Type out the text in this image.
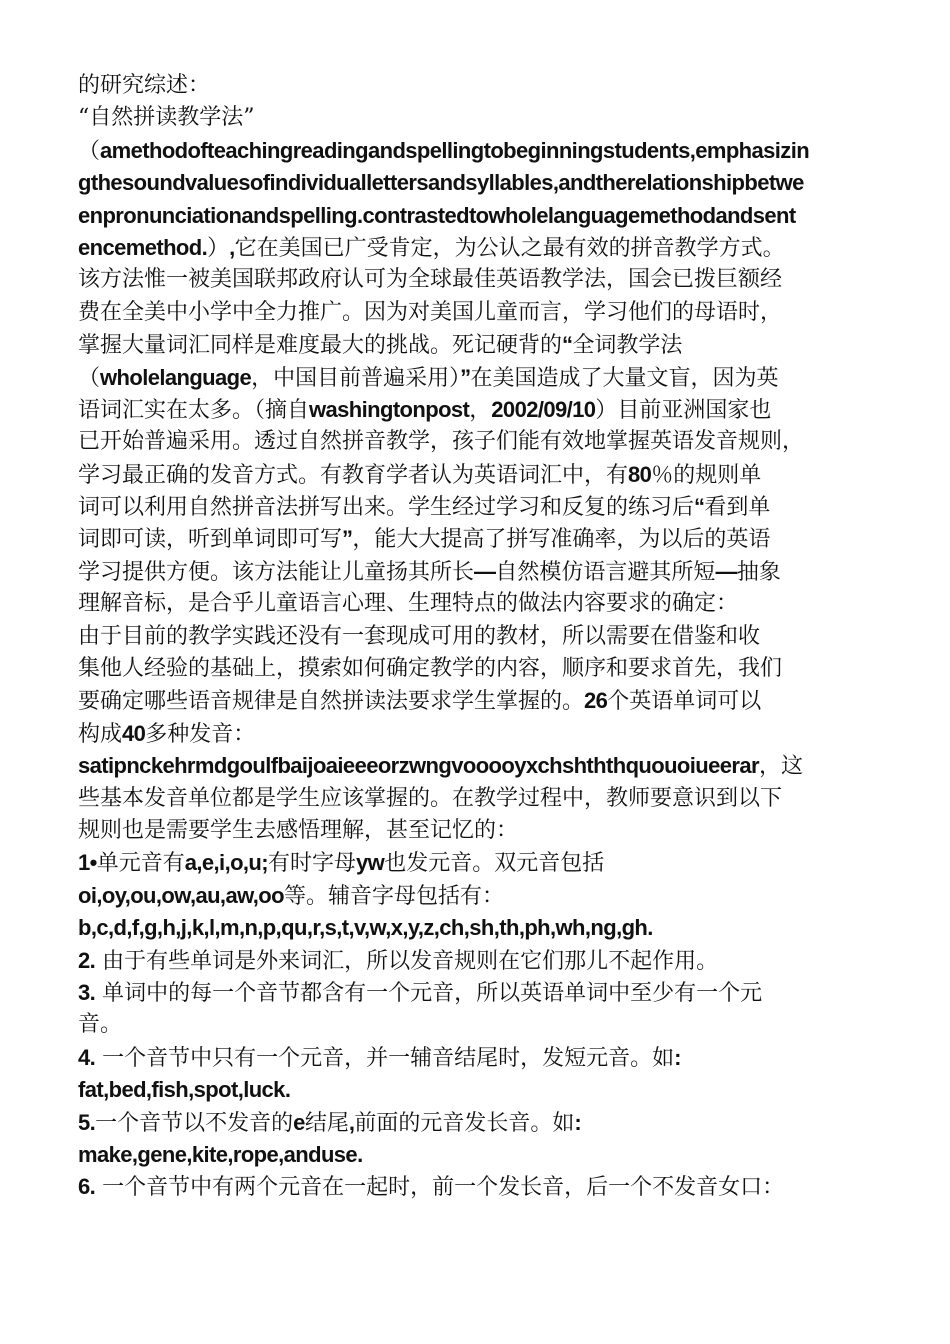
的研究综述：
“自然拼读教学法”
（amethodofteachingreadingandspellingtobeginningstudents,emphasizin
gthesoundvaluesofindividuallettersandsyllables,andtherelationshipbetwe
enpronunciationandspelling.contrastedtowholelanguagemethodandsent
encemethod.）,它在美国已广受肯定，为公认之最有效的拼音教学方式。
该方法惟一被美国联邦政府认可为全球最佳英语教学法，国会已拨巨额经
费在全美中小学中全力推广。因为对美国儿童而言，学习他们的母语时，
掌握大量词汇同样是难度最大的挑战。死记硬背的“全词教学法
（wholelanguage，中国目前普遍采用）”在美国造成了大量文盲，因为英
语词汇实在太多。（摘自washingtonpost，2002/09/10）目前亚洲国家也
已开始普遍采用。透过自然拼音教学，孩子们能有效地掌握英语发音规则，
学习最正确的发音方式。有教育学者认为英语词汇中，有80％的规则单
词可以利用自然拼音法拼写出来。学生经过学习和反复的练习后“看到单
词即可读，听到单词即可写”，能大大提高了拼写准确率，为以后的英语
学习提供方便。该方法能让儿童扬其所长—自然模仿语言避其所短—抽象
理解音标，是合乎儿童语言心理、生理特点的做法内容要求的确定：
由于目前的教学实践还没有一套现成可用的教材，所以需要在借鉴和收
集他人经验的基础上，摸索如何确定教学的内容，顺序和要求首先，我们
要确定哪些语音规律是自然拼读法要求学生掌握的。26个英语单词可以
构成40多种发音：
satipnckehrmdgoulfbaijoaieeeorzwngvooooyxchshththquouoiueerar，这
些基本发音单位都是学生应该掌握的。在教学过程中，教师要意识到以下
规则也是需要学生去感悟理解，甚至记忆的：
1•单元音有a,e,i,o,u;有时字母yw也发元音。双元音包括
oi,oy,ou,ow,au,aw,oo等。辅音字母包括有：
b,c,d,f,g,h,j,k,l,m,n,p,qu,r,s,t,v,w,x,y,z,ch,sh,th,ph,wh,ng,gh.
2. 由于有些单词是外来词汇，所以发音规则在它们那儿不起作用。
3. 单词中的每一个音节都含有一个元音，所以英语单词中至少有一个元
音。
4. 一个音节中只有一个元音，并一辅音结尾时，发短元音。如:
fat,bed,fish,spot,luck.
5.一个音节以不发音的e结尾,前面的元音发长音。如:
make,gene,kite,rope,anduse.
6. 一个音节中有两个元音在一起时，前一个发长音，后一个不发音女口：
